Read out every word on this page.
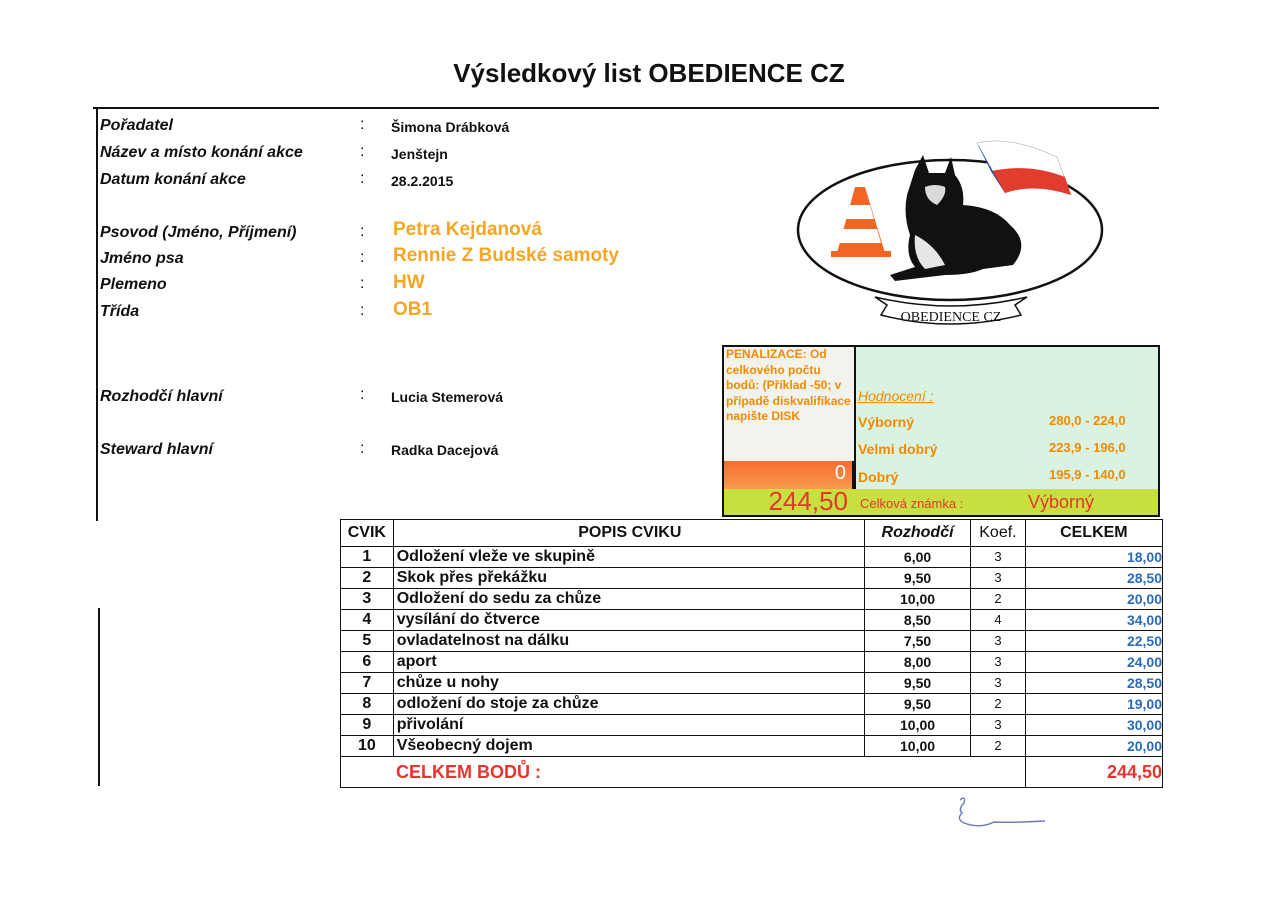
Výsledkový list OBEDIENCE CZ
Pořadatel	: Šimona Drábková
Název a místo konání akce	: Jenštejn
Datum konání akce	: 28.2.2015
Psovod (Jméno, Příjmení)	: Petra Kejdanová
Jméno psa	: Rennie Z Budské samoty
Plemeno	: HW
Třída	: OB1
Rozhodčí hlavní	: Lucia Stemerová
Steward hlavní	: Radka Dacejová
OBEDIENCE CZ
PENALIZACE: Od celkového počtu bodů: (Příklad -50; v případě diskvalifikace napište DISK
0
244,50
Hodnocení :
Výborný	280,0 - 224,0
Velmi dobrý	223,9 - 196,0
Dobrý	195,9 - 140,0
Celková známka :	Výborný
CVIK	POPIS CVIKU	Rozhodčí	Koef.	CELKEM
1	Odložení vleže ve skupině	6,00	3	18,00
2	Skok přes překážku	9,50	3	28,50
3	Odložení do sedu za chůze	10,00	2	20,00
4	vysílání do čtverce	8,50	4	34,00
5	ovladatelnost na dálku	7,50	3	22,50
6	aport	8,00	3	24,00
7	chůze u nohy	9,50	3	28,50
8	odložení do stoje za chůze	9,50	2	19,00
9	přivolání	10,00	3	30,00
10	Všeobecný dojem	10,00	2	20,00
CELKEM BODŮ :				244,50
